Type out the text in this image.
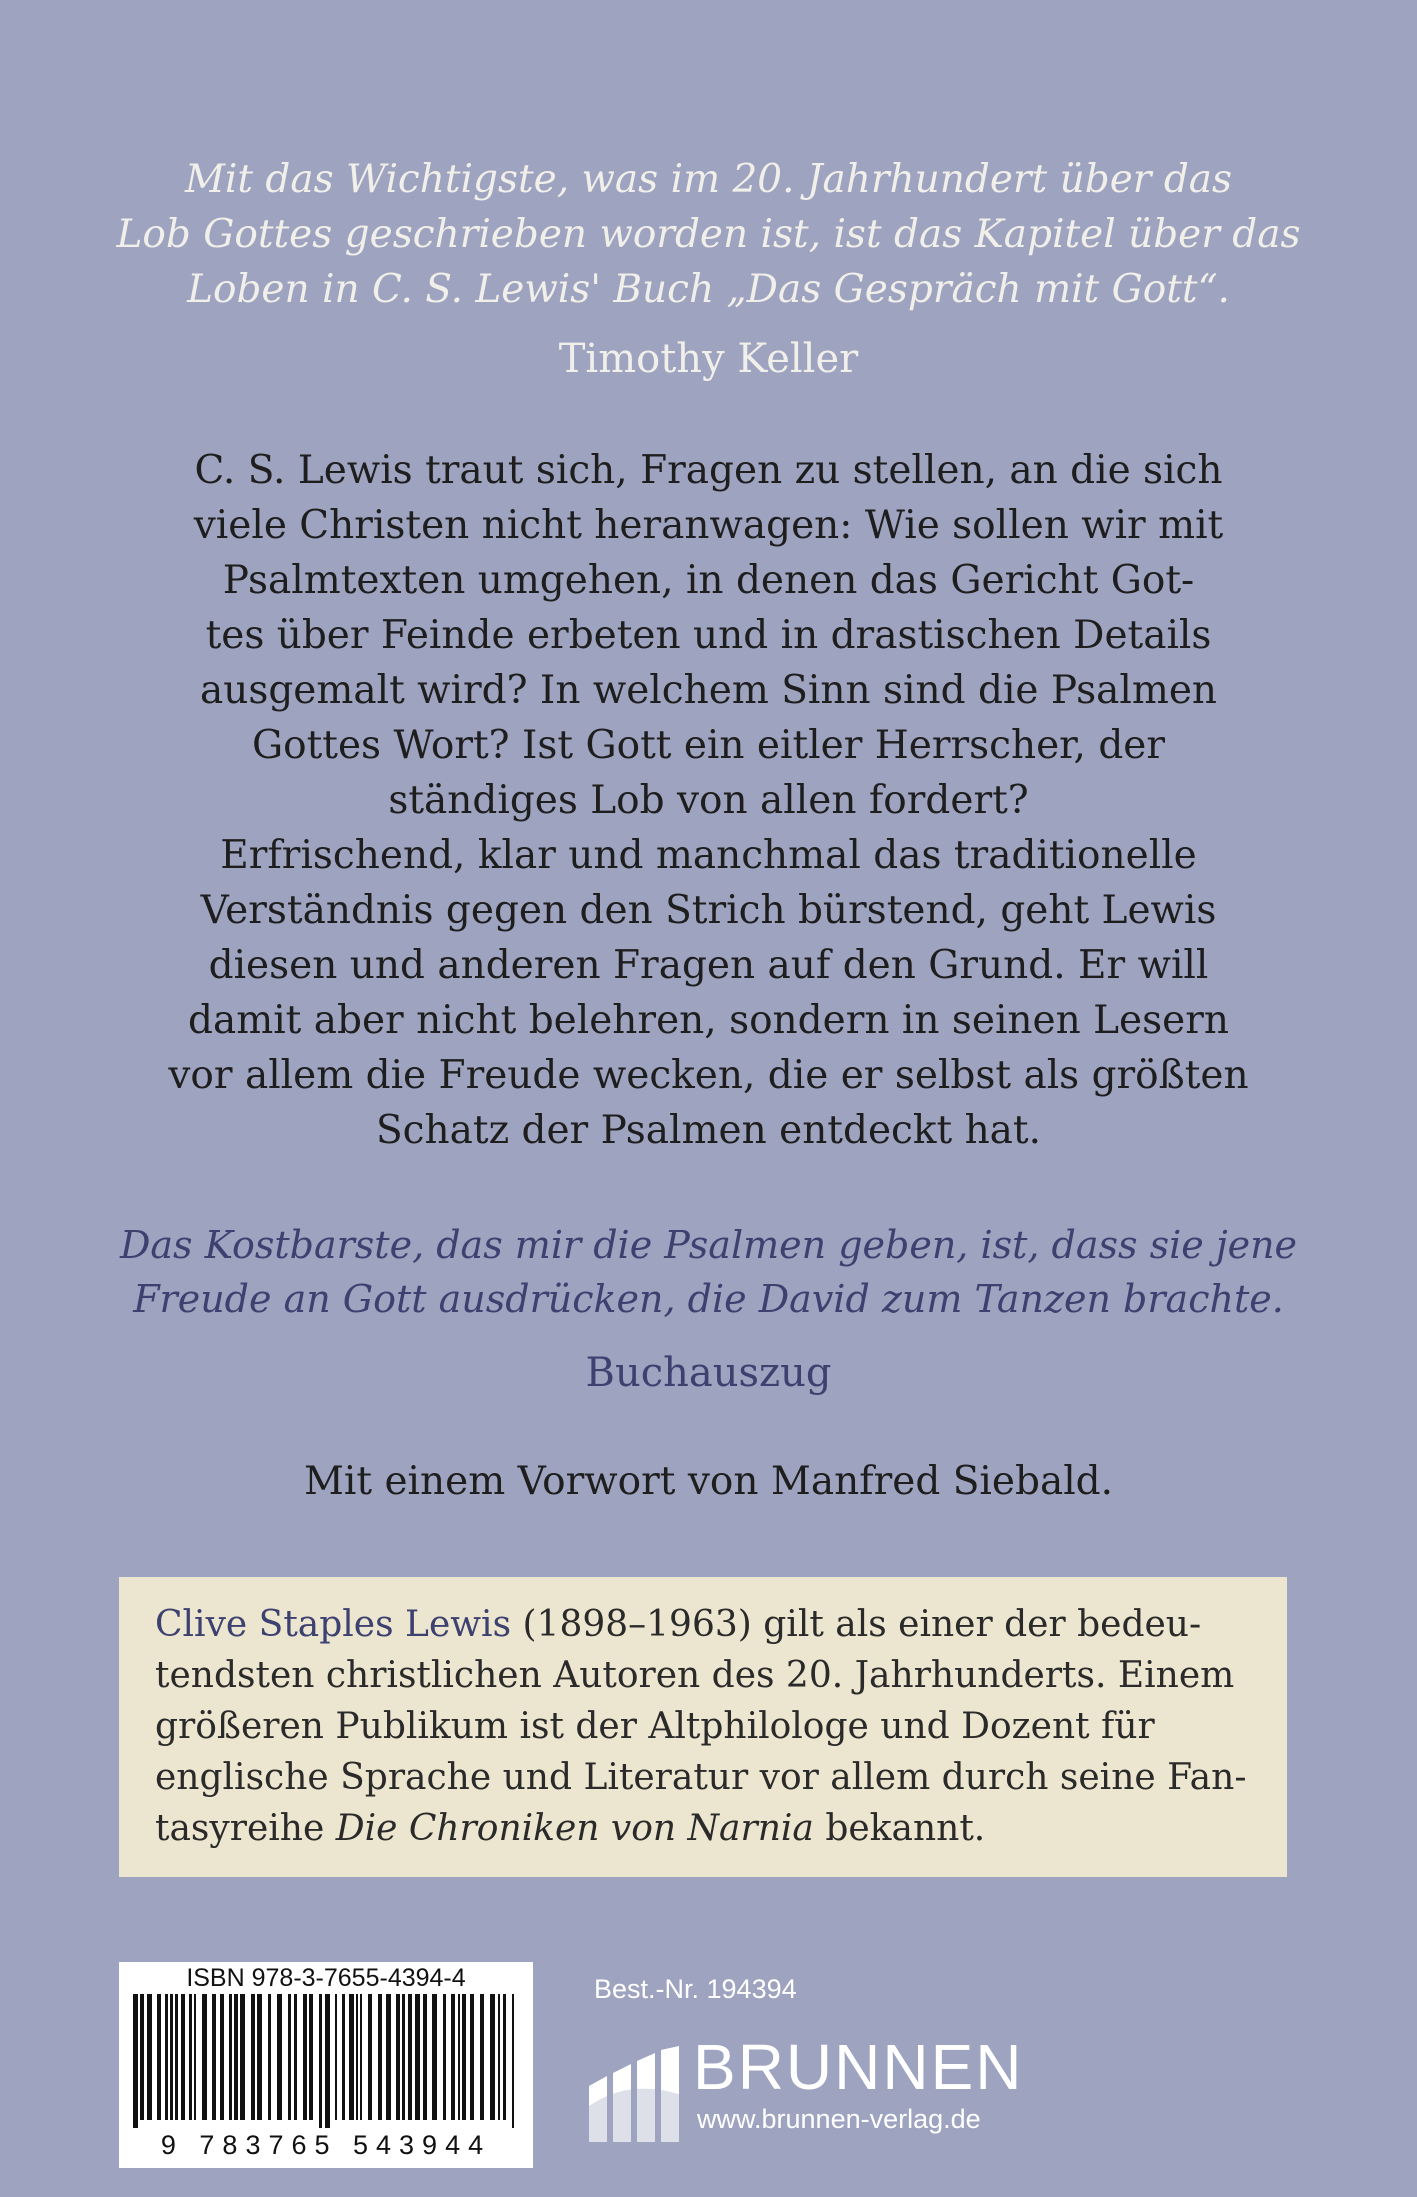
Mit das Wichtigste, was im 20. Jahrhundert über das
Lob Gottes geschrieben worden ist, ist das Kapitel über das
Loben in C. S. Lewis' Buch „Das Gespräch mit Gott“.
Timothy Keller
C. S. Lewis traut sich, Fragen zu stellen, an die sich
viele Christen nicht heranwagen: Wie sollen wir mit
Psalmtexten umgehen, in denen das Gericht Got-
tes über Feinde erbeten und in drastischen Details
ausgemalt wird? In welchem Sinn sind die Psalmen
Gottes Wort? Ist Gott ein eitler Herrscher, der
ständiges Lob von allen fordert?
Erfrischend, klar und manchmal das traditionelle
Verständnis gegen den Strich bürstend, geht Lewis
diesen und anderen Fragen auf den Grund. Er will
damit aber nicht belehren, sondern in seinen Lesern
vor allem die Freude wecken, die er selbst als größten
Schatz der Psalmen entdeckt hat.
Das Kostbarste, das mir die Psalmen geben, ist, dass sie jene
Freude an Gott ausdrücken, die David zum Tanzen brachte.
Buchauszug
Mit einem Vorwort von Manfred Siebald.
Clive Staples Lewis (1898–1963) gilt als einer der bedeu-
tendsten christlichen Autoren des 20. Jahrhunderts. Einem
größeren Publikum ist der Altphilologe und Dozent für
englische Sprache und Literatur vor allem durch seine Fan-
tasyreihe Die Chroniken von Narnia bekannt.
ISBN 978-3-7655-4394-4
9 783765 543944
Best.-Nr. 194394
BRUNNEN
www.brunnen-verlag.de
